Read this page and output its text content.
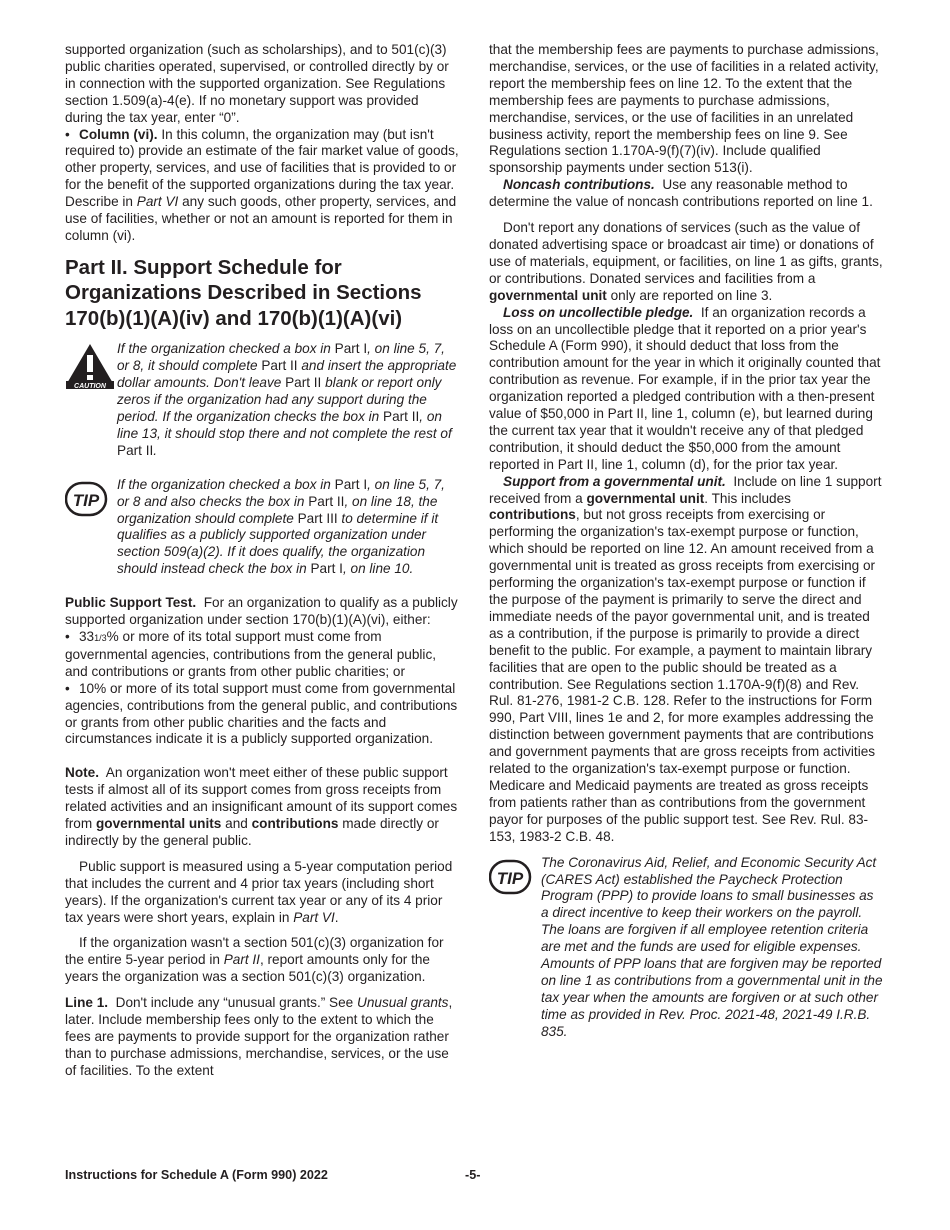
supported organization (such as scholarships), and to 501(c)(3) public charities operated, supervised, or controlled directly by or in connection with the supported organization. See Regulations section 1.509(a)-4(e). If no monetary support was provided during the tax year, enter “0”.

• Column (vi). In this column, the organization may (but isn't required to) provide an estimate of the fair market value of goods, other property, services, and use of facilities that is provided to or for the benefit of the supported organizations during the tax year. Describe in Part VI any such goods, other property, services, and use of facilities, whether or not an amount is reported for them in column (vi).

Part II. Support Schedule for Organizations Described in Sections 170(b)(1)(A)(iv) and 170(b)(1)(A)(vi)
CAUTION
If the organization checked a box in Part I, on line 5, 7, or 8, it should complete Part II and insert the appropriate dollar amounts. Don't leave Part II blank or report only zeros if the organization had any support during the period. If the organization checks the box in Part II, on line 13, it should stop there and not complete the rest of Part II.
TIP
If the organization checked a box in Part I, on line 5, 7, or 8 and also checks the box in Part II, on line 18, the organization should complete Part III to determine if it qualifies as a publicly supported organization under section 509(a)(2). If it does qualify, the organization should instead check the box in Part I, on line 10.

Public Support Test. For an organization to qualify as a publicly supported organization under section 170(b)(1)(A)(vi), either:

• 331/3% or more of its total support must come from governmental agencies, contributions from the general public, and contributions or grants from other public charities; or

• 10% or more of its total support must come from governmental agencies, contributions from the general public, and contributions or grants from other public charities and the facts and circumstances indicate it is a publicly supported organization.

Note. An organization won't meet either of these public support tests if almost all of its support comes from gross receipts from related activities and an insignificant amount of its support comes from governmental units and contributions made directly or indirectly by the general public.

Public support is measured using a 5-year computation period that includes the current and 4 prior tax years (including short years). If the organization's current tax year or any of its 4 prior tax years were short years, explain in Part VI.

If the organization wasn't a section 501(c)(3) organization for the entire 5-year period in Part II, report amounts only for the years the organization was a section 501(c)(3) organization.

Line 1. Don't include any “unusual grants.” See Unusual grants, later. Include membership fees only to the extent to which the fees are payments to provide support for the organization rather than to purchase admissions, merchandise, services, or the use of facilities. To the extent

that the membership fees are payments to purchase admissions, merchandise, services, or the use of facilities in a related activity, report the membership fees on line 12. To the extent that the membership fees are payments to purchase admissions, merchandise, services, or the use of facilities in an unrelated business activity, report the membership fees on line 9. See Regulations section 1.170A-9(f)(7)(iv). Include qualified sponsorship payments under section 513(i).

Noncash contributions. Use any reasonable method to determine the value of noncash contributions reported on line 1.

Don't report any donations of services (such as the value of donated advertising space or broadcast air time) or donations of use of materials, equipment, or facilities, on line 1 as gifts, grants, or contributions. Donated services and facilities from a governmental unit only are reported on line 3.

Loss on uncollectible pledge. If an organization records a loss on an uncollectible pledge that it reported on a prior year's Schedule A (Form 990), it should deduct that loss from the contribution amount for the year in which it originally counted that contribution as revenue. For example, if in the prior tax year the organization reported a pledged contribution with a then-present value of $50,000 in Part II, line 1, column (e), but learned during the current tax year that it wouldn't receive any of that pledged contribution, it should deduct the $50,000 from the amount reported in Part II, line 1, column (d), for the prior tax year.

Support from a governmental unit. Include on line 1 support received from a governmental unit. This includes contributions, but not gross receipts from exercising or performing the organization's tax-exempt purpose or function, which should be reported on line 12. An amount received from a governmental unit is treated as gross receipts from exercising or performing the organization's tax-exempt purpose or function if the purpose of the payment is primarily to serve the direct and immediate needs of the payor governmental unit, and is treated as a contribution, if the purpose is primarily to provide a direct benefit to the public. For example, a payment to maintain library facilities that are open to the public should be treated as a contribution. See Regulations section 1.170A-9(f)(8) and Rev. Rul. 81-276, 1981-2 C.B. 128. Refer to the instructions for Form 990, Part VIII, lines 1e and 2, for more examples addressing the distinction between government payments that are contributions and government payments that are gross receipts from activities related to the organization's tax-exempt purpose or function. Medicare and Medicaid payments are treated as gross receipts from patients rather than as contributions from the government payor for purposes of the public support test. See Rev. Rul. 83-153, 1983-2 C.B. 48.

TIP
The Coronavirus Aid, Relief, and Economic Security Act (CARES Act) established the Paycheck Protection Program (PPP) to provide loans to small businesses as a direct incentive to keep their workers on the payroll. The loans are forgiven if all employee retention criteria are met and the funds are used for eligible expenses. Amounts of PPP loans that are forgiven may be reported on line 1 as contributions from a governmental unit in the tax year when the amounts are forgiven or at such other time as provided in Rev. Proc. 2021-48, 2021-49 I.R.B. 835.
Instructions for Schedule A (Form 990) 2022	-5-
